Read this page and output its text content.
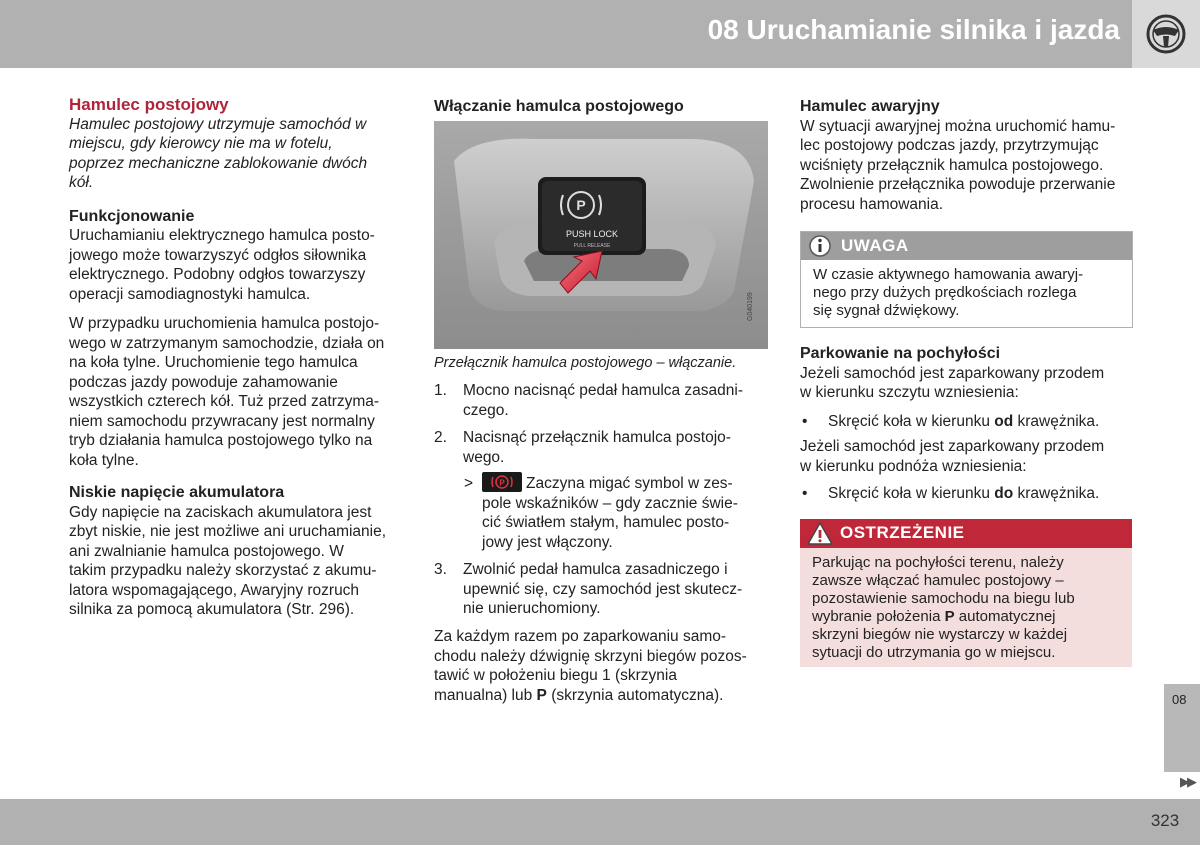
08 Uruchamianie silnika i jazda

Hamulec postojowy

Hamulec postojowy utrzymuje samochód w
miejscu, gdy kierowcy nie ma w fotelu,
poprzez mechaniczne zablokowanie dwóch
kół.

Funkcjonowanie

Uruchamianiu elektrycznego hamulca posto-
jowego może towarzyszyć odgłos siłownika
elektrycznego. Podobny odgłos towarzyszy
operacji samodiagnostyki hamulca.
W przypadku uruchomienia hamulca postojo-
wego w zatrzymanym samochodzie, działa on
na koła tylne. Uruchomienie tego hamulca
podczas jazdy powoduje zahamowanie
wszystkich czterech kół. Tuż przed zatrzyma-
niem samochodu przywracany jest normalny
tryb działania hamulca postojowego tylko na
koła tylne.

Niskie napięcie akumulatora

Gdy napięcie na zaciskach akumulatora jest
zbyt niskie, nie jest możliwe ani uruchamianie,
ani zwalnianie hamulca postojowego. W
takim przypadku należy skorzystać z akumu-
latora wspomagającego, Awaryjny rozruch
silnika za pomocą akumulatora (Str. 296).

Włączanie hamulca postojowego

P
PUSH LOCK
PULL RELEASE
G040199
Przełącznik hamulca postojowego – włączanie.
1. Mocno nacisnąć pedał hamulca zasadni-
czego.
2. Nacisnąć przełącznik hamulca postojo-
wego.
>	P	Zaczyna migać symbol w zes-
pole wskaźników – gdy zacznie świe-
cić światłem stałym, hamulec posto-
jowy jest włączony.
3. Zwolnić pedał hamulca zasadniczego i
upewnić się, czy samochód jest skutecz-
nie unieruchomiony.
Za każdym razem po zaparkowaniu samo-
chodu należy dźwignię skrzyni biegów pozos-
tawić w położeniu biegu 1 (skrzynia
manualna) lub P (skrzynia automatyczna).

Hamulec awaryjny

W sytuacji awaryjnej można uruchomić hamu-
lec postojowy podczas jazdy, przytrzymując
wciśnięty przełącznik hamulca postojowego.
Zwolnienie przełącznika powoduje przerwanie
procesu hamowania.
UWAGA
W czasie aktywnego hamowania awaryj-
nego przy dużych prędkościach rozlega
się sygnał dźwiękowy.

Parkowanie na pochyłości

Jeżeli samochód jest zaparkowany przodem
w kierunku szczytu wzniesienia:
• Skręcić koła w kierunku od krawężnika.
Jeżeli samochód jest zaparkowany przodem
w kierunku podnóża wzniesienia:
• Skręcić koła w kierunku do krawężnika.
OSTRZEŻENIE
Parkując na pochyłości terenu, należy
zawsze włączać hamulec postojowy –
pozostawienie samochodu na biegu lub
wybranie położenia P automatycznej
skrzyni biegów nie wystarczy w każdej
sytuacji do utrzymania go w miejscu.
08
▶▶
323
